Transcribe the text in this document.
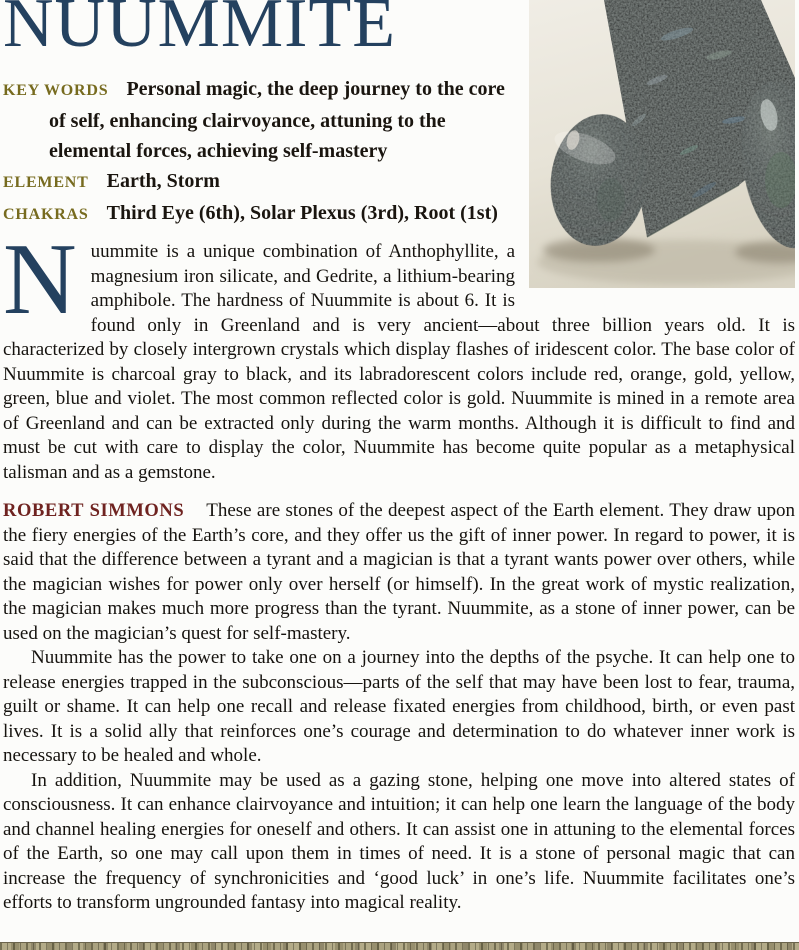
NUUMMITE

KEY WORDS Personal magic, the deep journey to the core of self, enhancing clairvoyance, attuning to the elemental forces, achieving self-mastery

ELEMENT Earth, Storm

CHAKRAS Third Eye (6th), Solar Plexus (3rd), Root (1st)

Nuummite is a unique combination of Anthophyllite, a magnesium iron silicate, and Gedrite, a lithium-bearing amphibole. The hardness of Nuummite is about 6. It is found only in Greenland and is very ancient—about three billion years old. It is characterized by closely intergrown crystals which display flashes of iridescent color. The base color of Nuummite is charcoal gray to black, and its labradorescent colors include red, orange, gold, yellow, green, blue and violet. The most common reflected color is gold. Nuummite is mined in a remote area of Greenland and can be extracted only during the warm months. Although it is difficult to find and must be cut with care to display the color, Nuummite has become quite popular as a metaphysical talisman and as a gemstone.

ROBERT SIMMONS These are stones of the deepest aspect of the Earth element. They draw upon the fiery energies of the Earth’s core, and they offer us the gift of inner power. In regard to power, it is said that the difference between a tyrant and a magician is that a tyrant wants power over others, while the magician wishes for power only over herself (or himself). In the great work of mystic realization, the magician makes much more progress than the tyrant. Nuummite, as a stone of inner power, can be used on the magician’s quest for self-mastery.

Nuummite has the power to take one on a journey into the depths of the psyche. It can help one to release energies trapped in the subconscious—parts of the self that may have been lost to fear, trauma, guilt or shame. It can help one recall and release fixated energies from childhood, birth, or even past lives. It is a solid ally that reinforces one’s courage and determination to do whatever inner work is necessary to be healed and whole.

In addition, Nuummite may be used as a gazing stone, helping one move into altered states of consciousness. It can enhance clairvoyance and intuition; it can help one learn the language of the body and channel healing energies for oneself and others. It can assist one in attuning to the elemental forces of the Earth, so one may call upon them in times of need. It is a stone of personal magic that can increase the frequency of synchronicities and ‘good luck’ in one’s life. Nuummite facilitates one’s efforts to transform ungrounded fantasy into magical reality.
